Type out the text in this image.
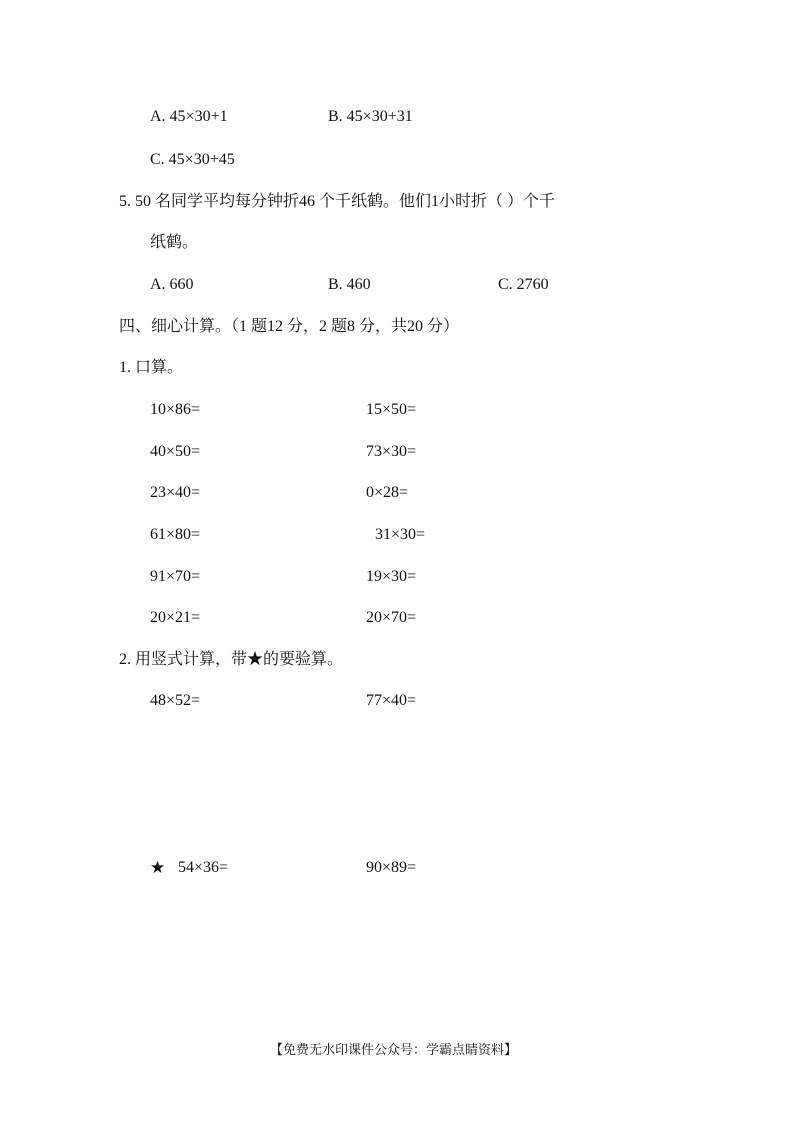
A. 45×30+1	B. 45×30+31
C. 45×30+45
5. 50 名同学平均每分钟折46 个千纸鹤。他们1小时折（ ）个千
纸鹤。
A. 660	B. 460	C. 2760
四、细心计算。（1 题12 分，2 题8 分，共20 分）
1. 口算。
10×86=	15×50=
40×50=	73×30=
23×40=	0×28=
61×80=	31×30=
91×70=	19×30=
20×21=	20×70=
2. 用竖式计算，带★的要验算。
48×52=	77×40=
★ 54×36=	90×89=
【免费无水印课件公众号：学霸点睛资料】
